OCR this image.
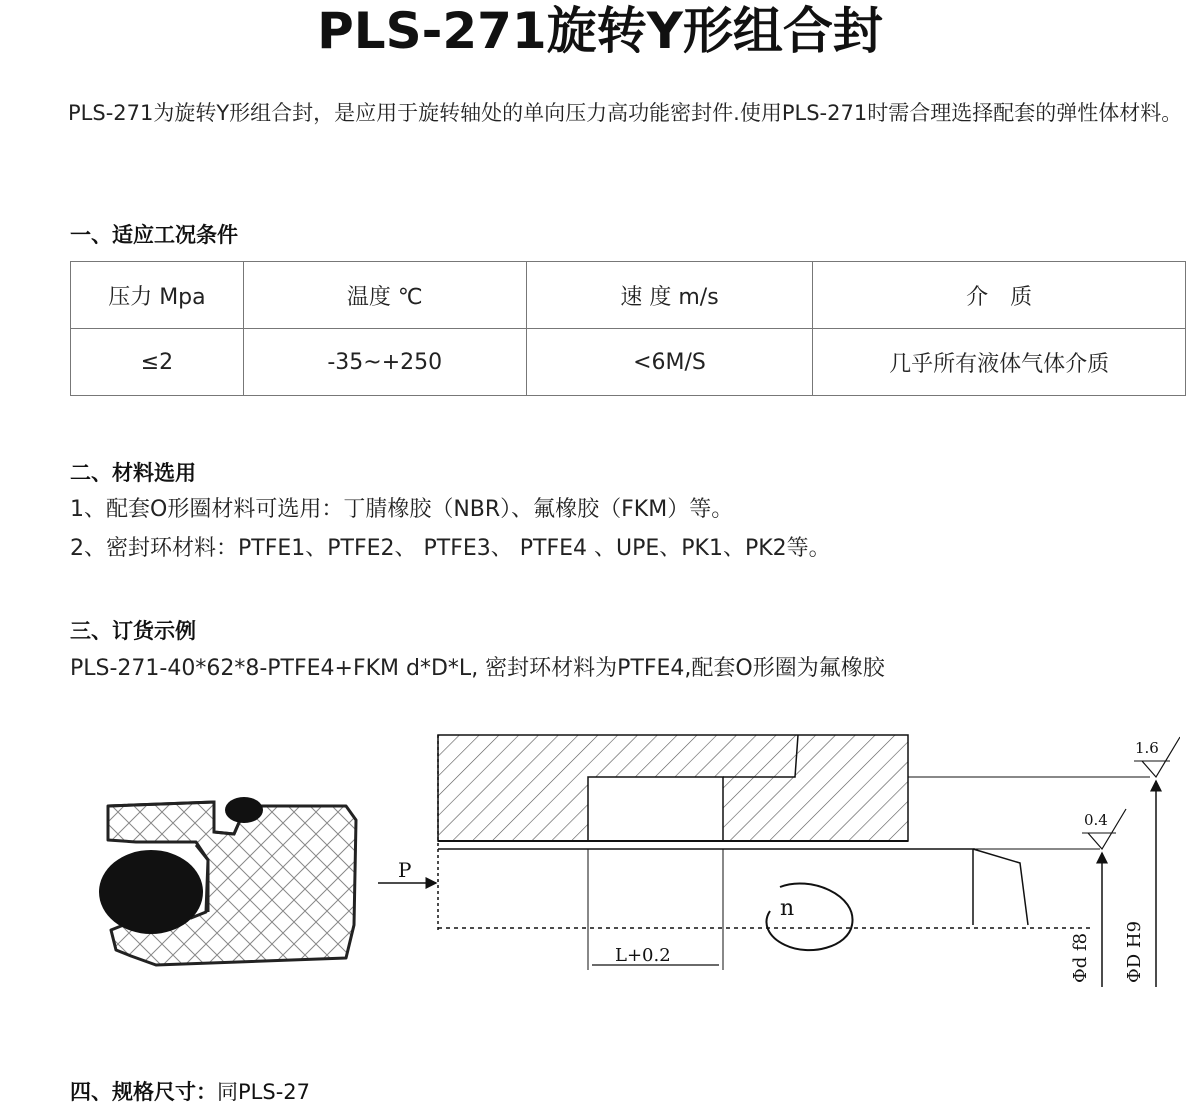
PLS-271旋转Y形组合封

PLS-271为旋转Y形组合封，是应用于旋转轴处的单向压力高功能密封件.使用PLS-271时需合理选择配套的弹性体材料。

一、适应工况条件
压力 Mpa	温度 ℃	速 度 m/s	介　质
≤2	-35~+250	<6M/S	几乎所有液体气体介质
二、材料选用
1、配套O形圈材料可选用：丁腈橡胶（NBR）、氟橡胶（FKM）等。
2、密封环材料：PTFE1、PTFE2、 PTFE3、 PTFE4 、UPE、PK1、PK2等。
三、订货示例
PLS-271-40*62*8-PTFE4+FKM d*D*L, 密封环材料为PTFE4,配套O形圈为氟橡胶
P
n
L+0.2
1.6
0.4
Φd f8 ΦD H9
四、规格尺寸：同PLS-27
